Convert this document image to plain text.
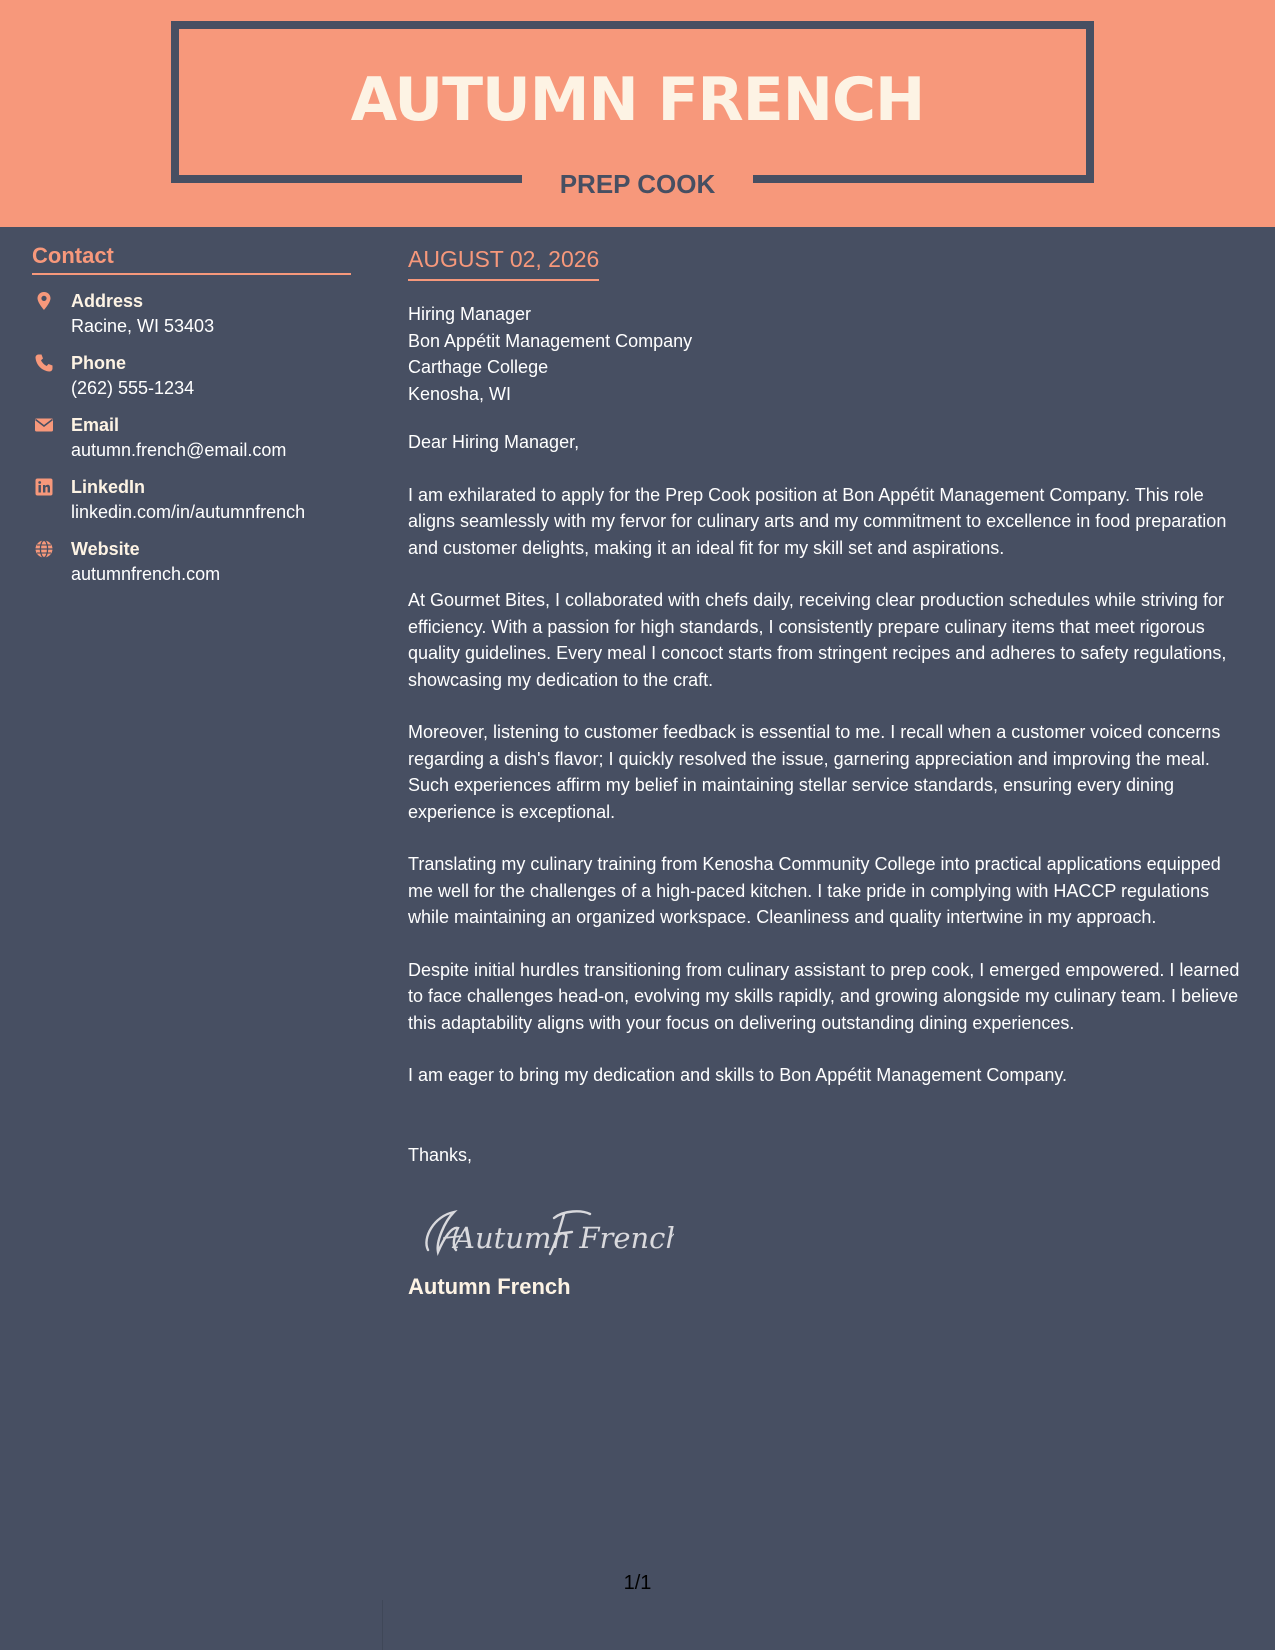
AUTUMN FRENCH
PREP COOK
Contact
Address
Racine, WI 53403
Phone
(262) 555-1234
Email
autumn.french@email.com
LinkedIn
linkedin.com/in/autumnfrench
Website
autumnfrench.com
AUGUST 02, 2026
Hiring Manager
Bon Appétit Management Company
Carthage College
Kenosha, WI
Dear Hiring Manager,

I am exhilarated to apply for the Prep Cook position at Bon Appétit Management Company. This role aligns seamlessly with my fervor for culinary arts and my commitment to excellence in food preparation and customer delights, making it an ideal fit for my skill set and aspirations.

At Gourmet Bites, I collaborated with chefs daily, receiving clear production schedules while striving for efficiency. With a passion for high standards, I consistently prepare culinary items that meet rigorous quality guidelines. Every meal I concoct starts from stringent recipes and adheres to safety regulations, showcasing my dedication to the craft.

Moreover, listening to customer feedback is essential to me. I recall when a customer voiced concerns regarding a dish's flavor; I quickly resolved the issue, garnering appreciation and improving the meal. Such experiences affirm my belief in maintaining stellar service standards, ensuring every dining experience is exceptional.

Translating my culinary training from Kenosha Community College into practical applications equipped me well for the challenges of a high-paced kitchen. I take pride in complying with HACCP regulations while maintaining an organized workspace. Cleanliness and quality intertwine in my approach.

Despite initial hurdles transitioning from culinary assistant to prep cook, I emerged empowered. I learned to face challenges head-on, evolving my skills rapidly, and growing alongside my culinary team. I believe this adaptability aligns with your focus on delivering outstanding dining experiences.

I am eager to bring my dedication and skills to Bon Appétit Management Company.

Thanks,
Autumn French
Autumn French
1/1
